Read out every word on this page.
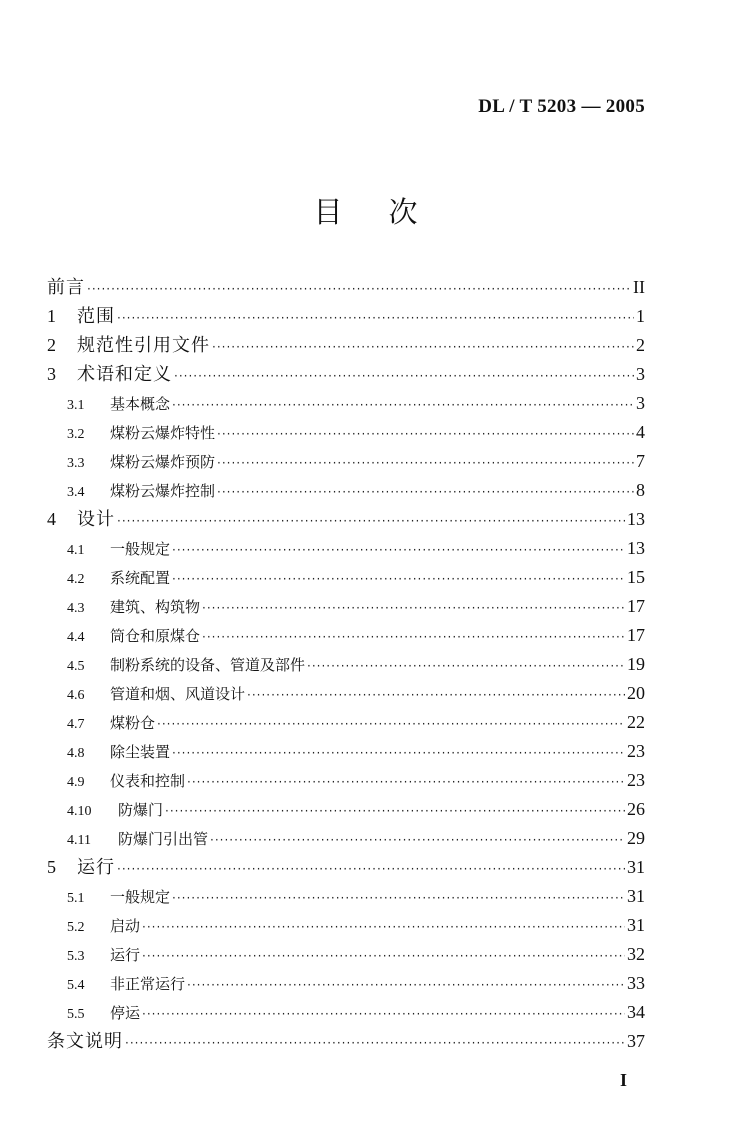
DL / T 5203 — 2005
目次
前言 ·····	II
1	范围 ·····	1
2	规范性引用文件 ·····	2
3	术语和定义 ·····	3
3.1	基本概念 ·····	3
3.2	煤粉云爆炸特性 ·····	4
3.3	煤粉云爆炸预防 ·····	7
3.4	煤粉云爆炸控制 ·····	8
4	设计 ·····	13
4.1	一般规定 ·····	13
4.2	系统配置 ·····	15
4.3	建筑、构筑物 ·····	17
4.4	筒仓和原煤仓 ·····	17
4.5	制粉系统的设备、管道及部件 ·····	19
4.6	管道和烟、风道设计 ·····	20
4.7	煤粉仓 ·····	22
4.8	除尘装置 ·····	23
4.9	仪表和控制 ·····	23
4.10	防爆门 ·····	26
4.11	防爆门引出管 ·····	29
5	运行 ·····	31
5.1	一般规定 ·····	31
5.2	启动 ·····	31
5.3	运行 ·····	32
5.4	非正常运行 ·····	33
5.5	停运 ·····	34
条文说明 ·····	37
I
